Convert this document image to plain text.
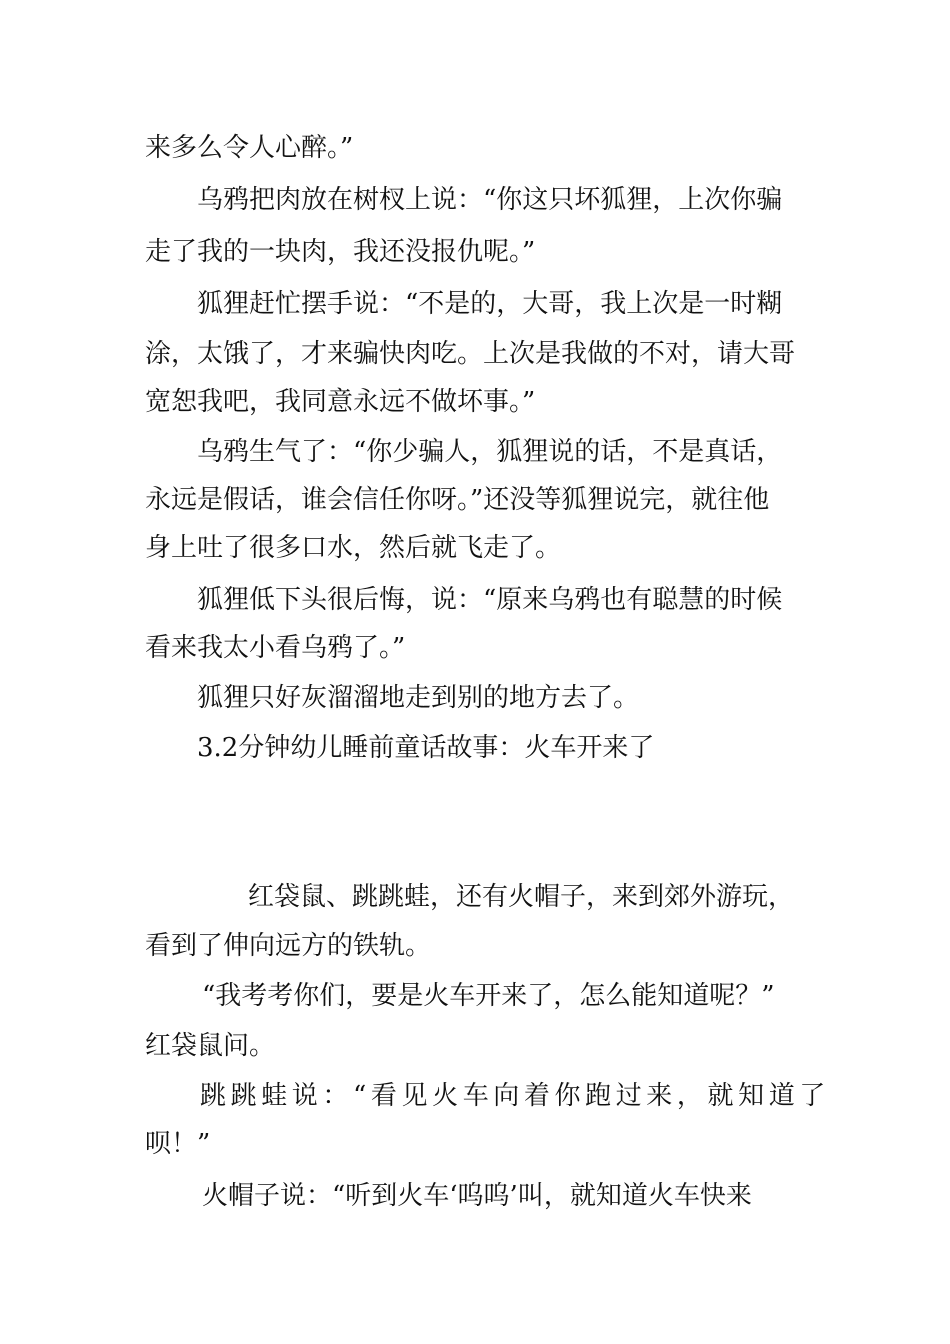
来多么令人心醉。”
乌鸦把肉放在树杈上说：“你这只坏狐狸，上次你骗
走了我的一块肉，我还没报仇呢。”
狐狸赶忙摆手说：“不是的，大哥，我上次是一时糊
涂，太饿了，才来骗快肉吃。上次是我做的不对，请大哥
宽恕我吧，我同意永远不做坏事。”
乌鸦生气了：“你少骗人，狐狸说的话，不是真话，
永远是假话，谁会信任你呀。”还没等狐狸说完，就往他
身上吐了很多口水，然后就飞走了。
狐狸低下头很后悔，说：“原来乌鸦也有聪慧的时候
看来我太小看乌鸦了。”
狐狸只好灰溜溜地走到别的地方去了。
3.2分钟幼儿睡前童话故事：火车开来了
红袋鼠、跳跳蛙，还有火帽子，来到郊外游玩，
看到了伸向远方的铁轨。
“我考考你们，要是火车开来了，怎么能知道呢？”
红袋鼠问。
跳跳蛙说：“看见火车向着你跑过来，就知道了
呗！”
火帽子说：“听到火车‘呜呜’叫，就知道火车快来
